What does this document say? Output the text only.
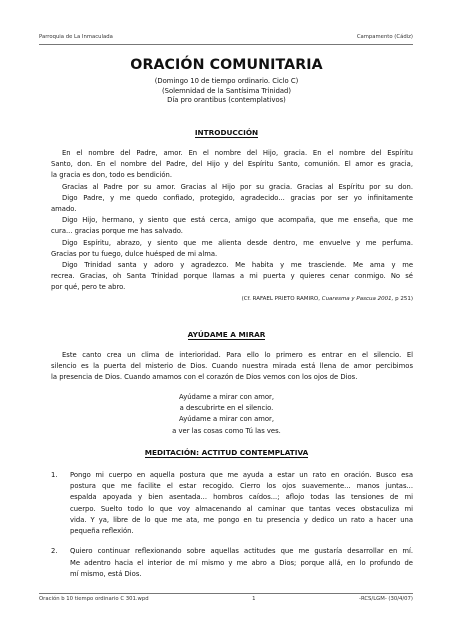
Parroquia de La Inmaculada	Campamento (Cádiz)
ORACIÓN COMUNITARIA
(Domingo 10 de tiempo ordinario. Ciclo C)
(Solemnidad de la Santísima Trinidad)
Día pro orantibus (contemplativos)
INTRODUCCIÓN
En el nombre del Padre, amor. En el nombre del Hijo, gracia. En el nombre del Espíritu
Santo, don. En el nombre del Padre, del Hijo y del Espíritu Santo, comunión. El amor es gracia,
la gracia es don, todo es bendición.
Gracias al Padre por su amor. Gracias al Hijo por su gracia. Gracias al Espíritu por su don.
Digo Padre, y me quedo confiado, protegido, agradecido... gracias por ser yo infinitamente
amado.
Digo Hijo, hermano, y siento que está cerca, amigo que acompaña, que me enseña, que me
cura... gracias porque me has salvado.
Digo Espíritu, abrazo, y siento que me alienta desde dentro, me envuelve y me perfuma.
Gracias por tu fuego, dulce huésped de mi alma.
Digo Trinidad santa y adoro y agradezco. Me habita y me trasciende. Me ama y me
recrea. Gracias, oh Santa Trinidad porque llamas a mi puerta y quieres cenar conmigo. No sé
por qué, pero te abro.
(Cf. RAFAEL PRIETO RAMIRO, Cuaresma y Pascua 2001, p 251)
AYÚDAME A MIRAR
Este canto crea un clima de interioridad. Para ello lo primero es entrar en el silencio. El
silencio es la puerta del misterio de Dios. Cuando nuestra mirada está llena de amor percibimos
la presencia de Dios. Cuando amamos con el corazón de Dios vemos con los ojos de Dios.
Ayúdame a mirar con amor,
a descubrirte en el silencio.
Ayúdame a mirar con amor,
a ver las cosas como Tú las ves.
MEDITACIÓN: ACTITUD CONTEMPLATIVA
1. Pongo mi cuerpo en aquella postura que me ayuda a estar un rato en oración. Busco esa
postura que me facilite el estar recogido. Cierro los ojos suavemente... manos juntas...
espalda apoyada y bien asentada... hombros caídos...; aflojo todas las tensiones de mi
cuerpo. Suelto todo lo que voy almacenando al caminar que tantas veces obstaculiza mi
vida. Y ya, libre de lo que me ata, me pongo en tu presencia y dedico un rato a hacer una
pequeña reflexión.
2. Quiero continuar reflexionando sobre aquellas actitudes que me gustaría desarrollar en mí.
Me adentro hacia el interior de mí mismo y me abro a Dios; porque allá, en lo profundo de
mí mismo, está Dios.
Oración b 10 tiempo ordinario C 301.wpd	1	-RCS/LGM- (30/4/07)
